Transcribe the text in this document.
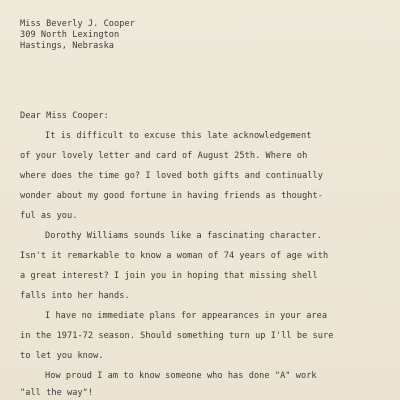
Miss Beverly J. Cooper
309 North Lexington
Hastings, Nebraska
Dear Miss Cooper:
It is difficult to excuse this late acknowledgement
of your lovely letter and card of August 25th. Where oh
where does the time go? I loved both gifts and continually
wonder about my good fortune in having friends as thought-
ful as you.
Dorothy Williams sounds like a fascinating character.
Isn't it remarkable to know a woman of 74 years of age with
a great interest? I join you in hoping that missing shell
falls into her hands.
I have no immediate plans for appearances in your area
in the 1971-72 season. Should something turn up I'll be sure
to let you know.
How proud I am to know someone who has done "A" work
"all the way"!
